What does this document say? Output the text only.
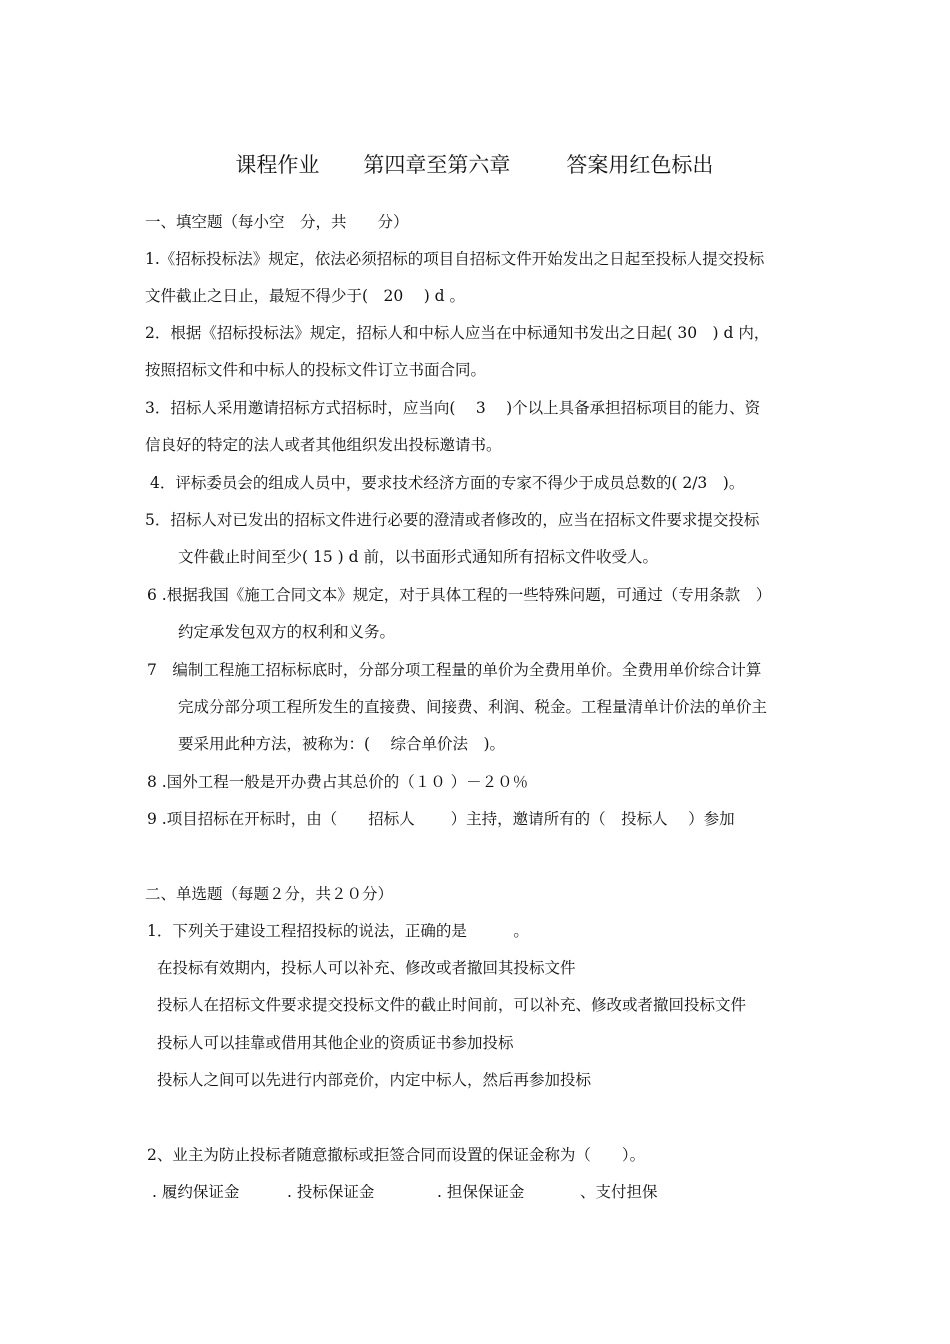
课程作业 第四章至第六章	答案用红色标出

一、填空题（每小空　分，共　　分）
1.《招标投标法》规定，依法必须招标的项目自招标文件开始发出之日起至投标人提交投标
文件截止之日止，最短不得少于(　20　 ) d 。
2．根据《招标投标法》规定，招标人和中标人应当在中标通知书发出之日起( 30　) d 内，
按照招标文件和中标人的投标文件订立书面合同。
3．招标人采用邀请招标方式招标时，应当向(　 3　 )个以上具备承担招标项目的能力、资
信良好的特定的法人或者其他组织发出投标邀请书。
4．评标委员会的组成人员中，要求技术经济方面的专家不得少于成员总数的( 2/3　)。
5．招标人对已发出的招标文件进行必要的澄清或者修改的，应当在招标文件要求提交投标
文件截止时间至少( 15 ) d 前，以书面形式通知所有招标文件收受人。
6 .根据我国《施工合同文本》规定，对于具体工程的一些特殊问题，可通过（专用条款　）
约定承发包双方的权利和义务。
7　编制工程施工招标标底时，分部分项工程量的单价为全费用单价。全费用单价综合计算
完成分部分项工程所发生的直接费、间接费、利润、税金。工程量清单计价法的单价主
要采用此种方法，被称为：(　 综合单价法　)。
8 .国外工程一般是开办费占其总价的（１０ ）－２０％
9 .项目招标在开标时，由（　　招标人　　 ）主持，邀请所有的（　投标人　 ）参加
二、单选题（每题２分，共２０分）
1．下列关于建设工程招投标的说法，正确的是　　　。
在投标有效期内，投标人可以补充、修改或者撤回其投标文件
投标人在招标文件要求提交投标文件的截止时间前，可以补充、修改或者撤回投标文件
投标人可以挂靠或借用其他企业的资质证书参加投标
投标人之间可以先进行内部竞价，内定中标人，然后再参加投标
2、业主为防止投标者随意撤标或拒签合同而设置的保证金称为（　　）。
. 履约保证金	. 投标保证金	. 担保保证金	、支付担保
